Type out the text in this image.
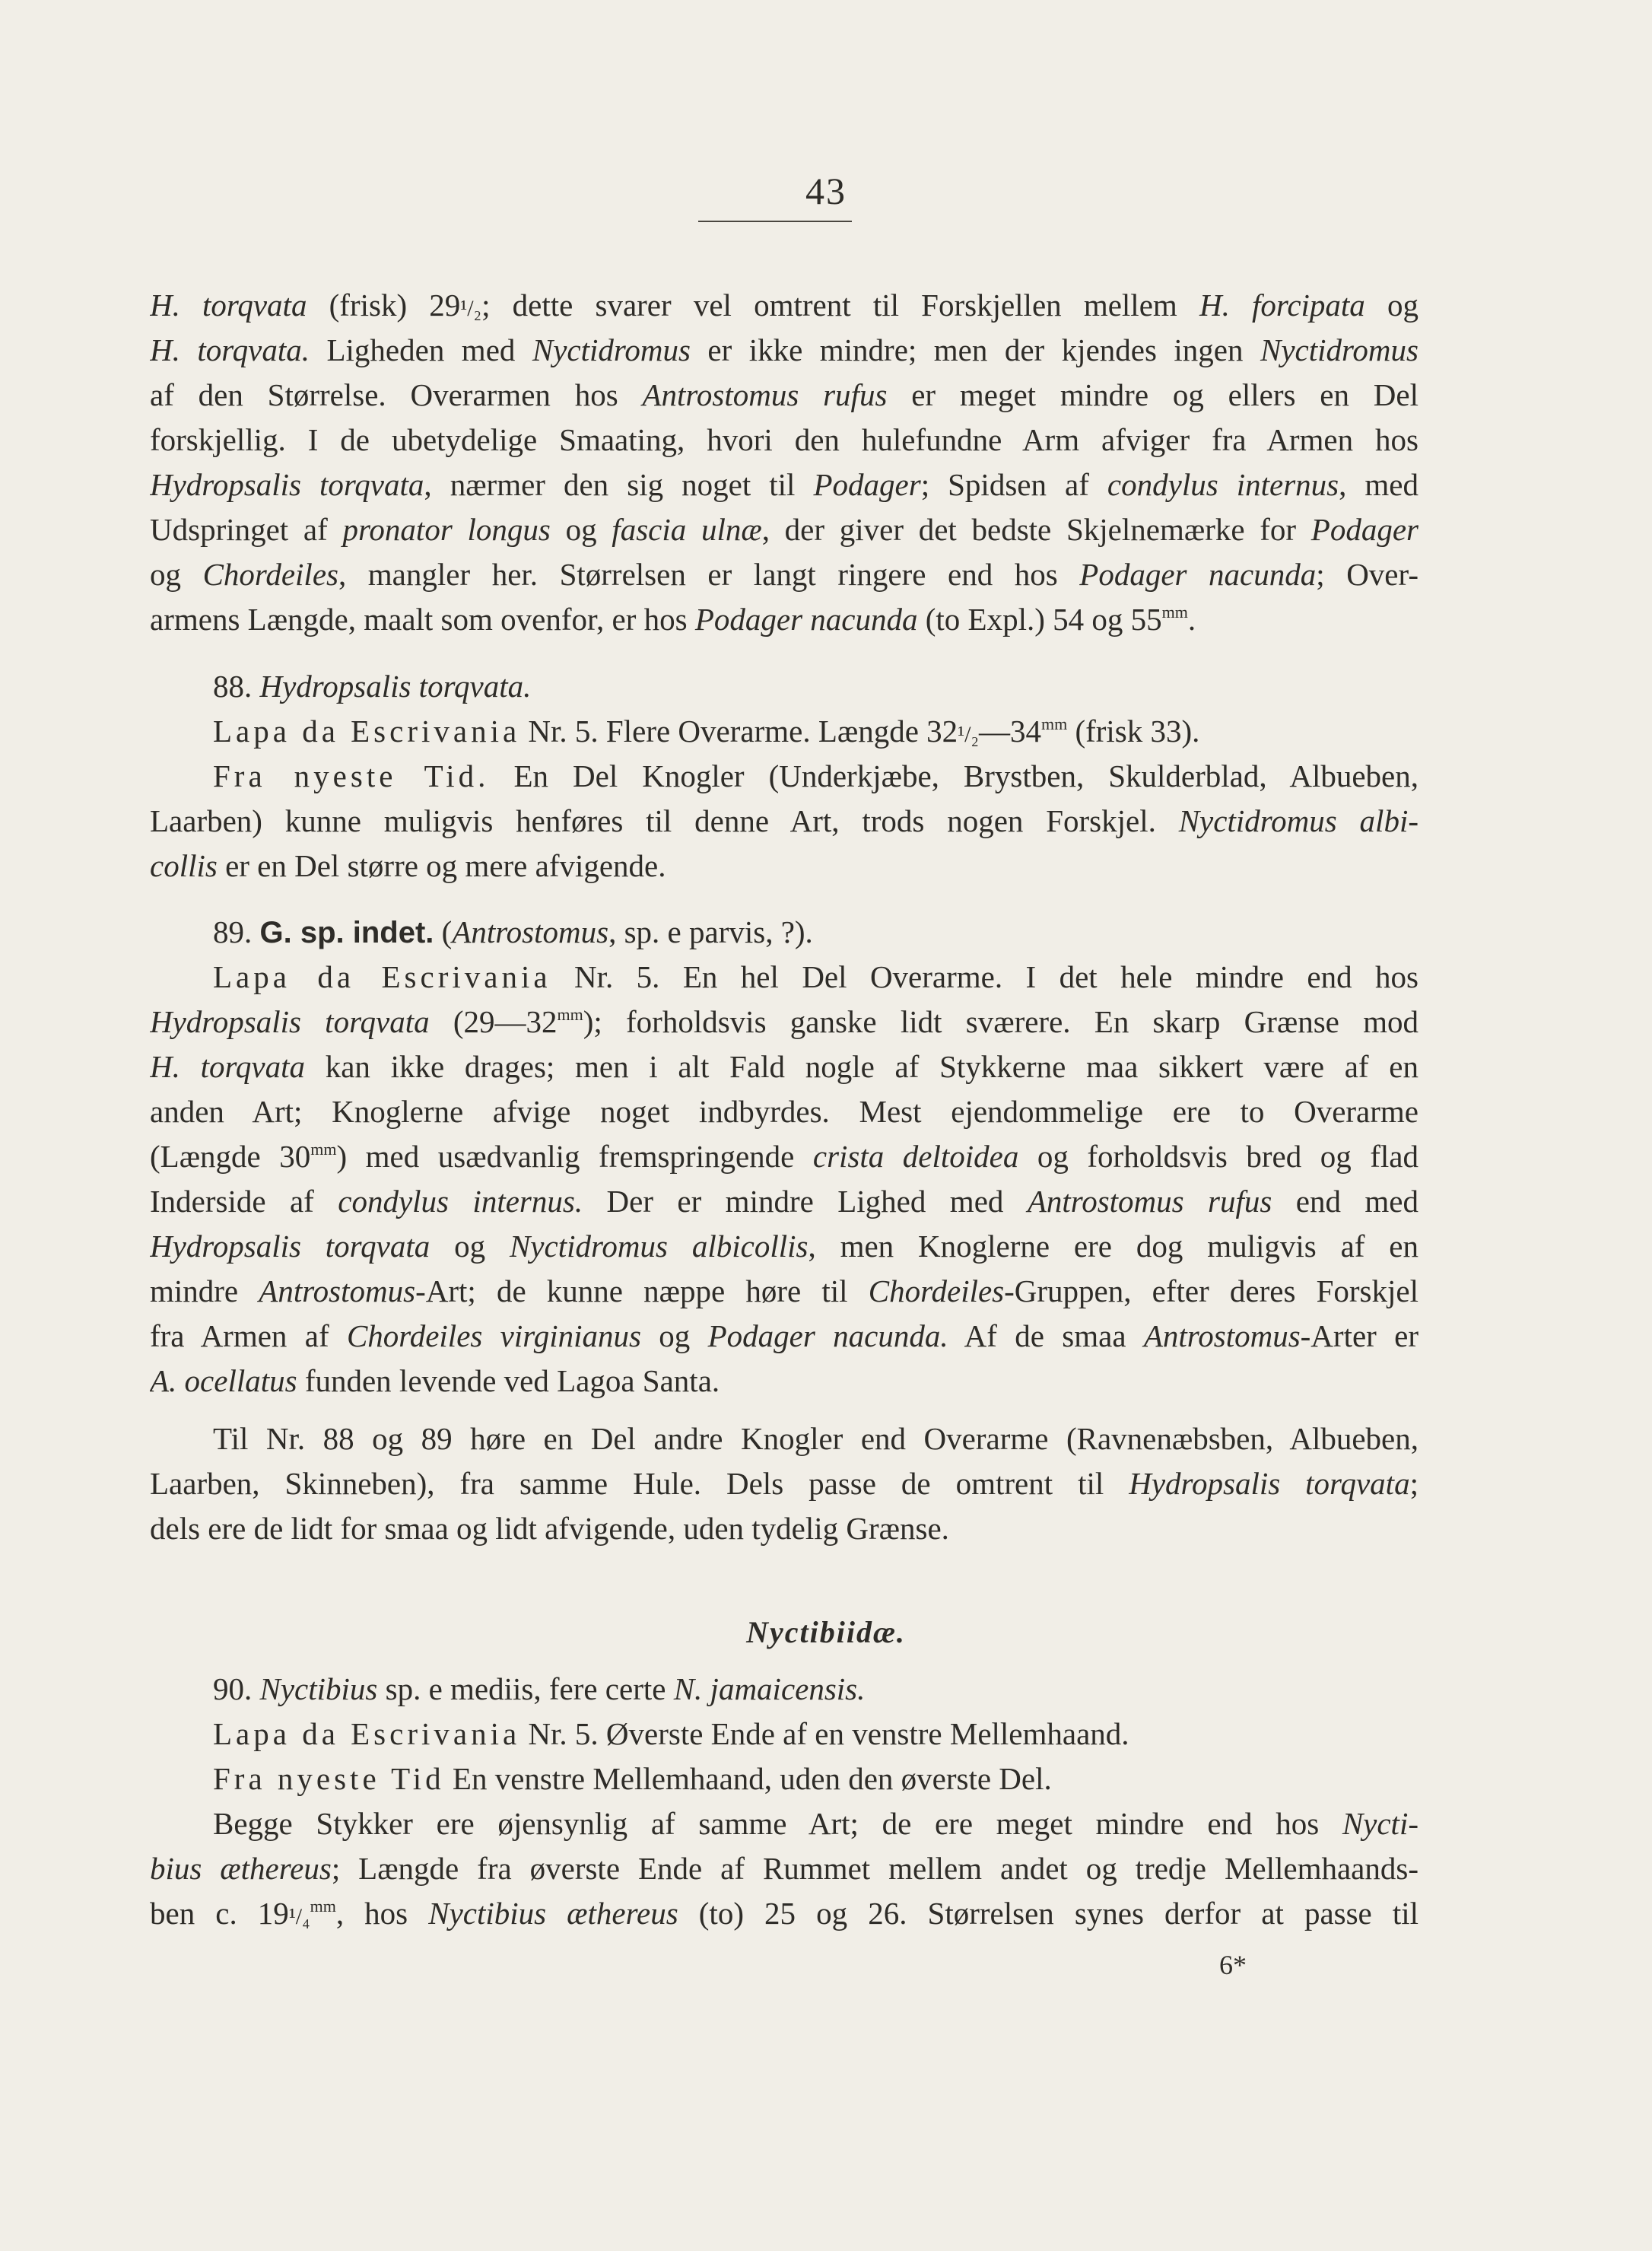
43
H. torqvata (frisk) 29¹/₂; dette svarer vel omtrent til Forskjellen mellem H. forcipata og
H. torqvata. Ligheden med Nyctidromus er ikke mindre; men der kjendes ingen Nyctidromus
af den Størrelse. Overarmen hos Antrostomus rufus er meget mindre og ellers en Del
forskjellig. I de ubetydelige Smaating, hvori den hulefundne Arm afviger fra Armen hos
Hydropsalis torqvata, nærmer den sig noget til Podager; Spidsen af condylus internus, med
Udspringet af pronator longus og fascia ulnæ, der giver det bedste Skjelnemærke for Podager
og Chordeiles, mangler her. Størrelsen er langt ringere end hos Podager nacunda; Over-
armens Længde, maalt som ovenfor, er hos Podager nacunda (to Expl.) 54 og $55^{mm}$.
88. Hydropsalis torqvata.
Lapa da Escrivania Nr. 5. Flere Overarme. Længde $32^1/_2—34^{mm}$ (frisk 33).
Fra nyeste Tid. En Del Knogler (Underkjæbe, Brystben, Skulderblad, Albueben,
Laarben) kunne muligvis henføres til denne Art, trods nogen Forskjel. Nyctidromus albi-
collis er en Del større og mere afvigende.
89. G. sp. indet. (Antrostomus, sp. e parvis, ?).
Lapa da Escrivania Nr. 5. En hel Del Overarme. I det hele mindre end hos
Hydropsalis torqvata $(29—32^{mm})$; forholdsvis ganske lidt sværere. En skarp Grænse mod
H. torqvata kan ikke drages; men i alt Fald nogle af Stykkerne maa sikkert være af en
anden Art; Knoglerne afvige noget indbyrdes. Mest ejendommelige ere to Overarme
(Længde $30^{mm}$) med usædvanlig fremspringende crista deltoidea og forholdsvis bred og flad
Inderside af condylus internus. Der er mindre Lighed med Antrostomus rufus end med
Hydropsalis torqvata og Nyctidromus albicollis, men Knoglerne ere dog muligvis af en
mindre Antrostomus-Art; de kunne næppe høre til Chordeiles-Gruppen, efter deres Forskjel
fra Armen af Chordeiles virginianus og Podager nacunda. Af de smaa Antrostomus-Arter er
A. ocellatus funden levende ved Lagoa Santa.
Til Nr. 88 og 89 høre en Del andre Knogler end Overarme (Ravnenæbsben, Albueben,
Laarben, Skinneben), fra samme Hule. Dels passe de omtrent til Hydropsalis torqvata;
dels ere de lidt for smaa og lidt afvigende, uden tydelig Grænse.
Nyctibiidæ.
90. Nyctibius sp. e mediis, fere certe N. jamaicensis.
Lapa da Escrivania Nr. 5. Øverste Ende af en venstre Mellemhaand.
Fra nyeste Tid En venstre Mellemhaand, uden den øverste Del.
Begge Stykker ere øjensynlig af samme Art; de ere meget mindre end hos Nycti-
bius æthereus; Længde fra øverste Ende af Rummet mellem andet og tredje Mellemhaands-
ben c. 19¹/₄$^{mm}$, hos Nyctibius æthereus (to) 25 og 26. Størrelsen synes derfor at passe til
6*
